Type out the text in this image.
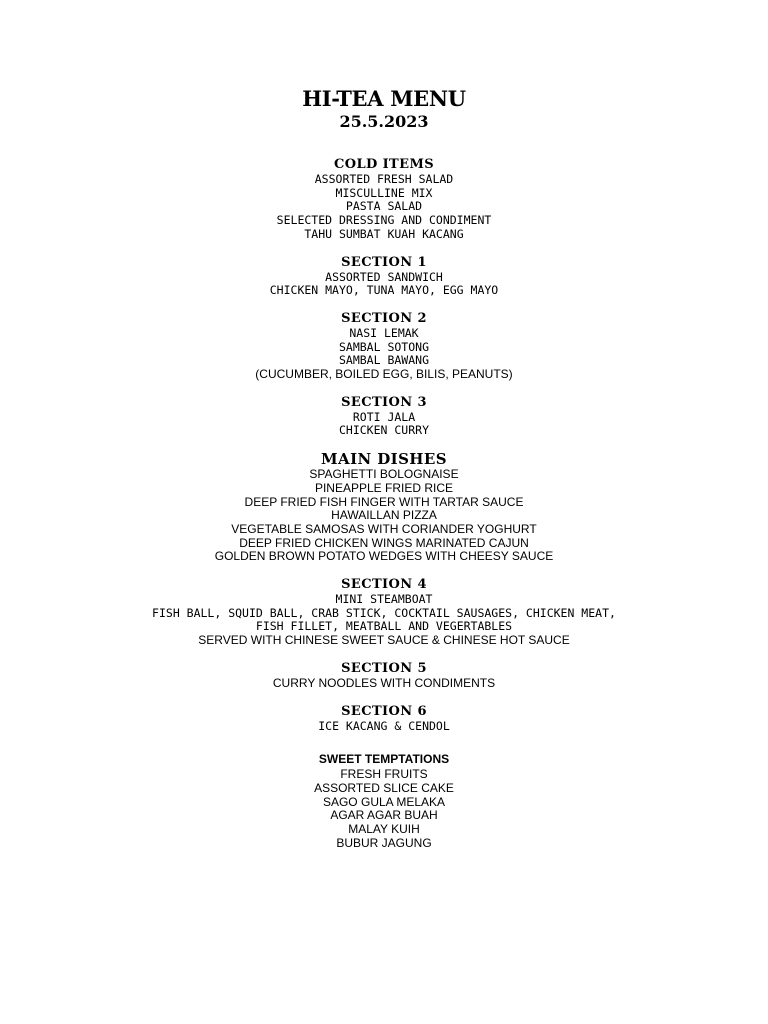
HI-TEA MENU
25.5.2023
COLD ITEMS
ASSORTED FRESH SALAD
MISCULLINE MIX
PASTA SALAD
SELECTED DRESSING AND CONDIMENT
TAHU SUMBAT KUAH KACANG
SECTION 1
ASSORTED SANDWICH
CHICKEN MAYO, TUNA MAYO, EGG MAYO
SECTION 2
NASI LEMAK
SAMBAL SOTONG
SAMBAL BAWANG
(CUCUMBER, BOILED EGG, BILIS, PEANUTS)
SECTION 3
ROTI JALA
CHICKEN CURRY
MAIN DISHES
SPAGHETTI BOLOGNAISE
PINEAPPLE FRIED RICE
DEEP FRIED FISH FINGER WITH TARTAR SAUCE
HAWAILLAN PIZZA
VEGETABLE SAMOSAS WITH CORIANDER YOGHURT
DEEP FRIED CHICKEN WINGS MARINATED CAJUN
GOLDEN BROWN POTATO WEDGES WITH CHEESY SAUCE
SECTION 4
MINI STEAMBOAT
FISH BALL, SQUID BALL, CRAB STICK, COCKTAIL SAUSAGES, CHICKEN MEAT,
FISH FILLET, MEATBALL AND VEGERTABLES
SERVED WITH CHINESE SWEET SAUCE & CHINESE HOT SAUCE
SECTION 5
CURRY NOODLES WITH CONDIMENTS
SECTION 6
ICE KACANG & CENDOL
SWEET TEMPTATIONS
FRESH FRUITS
ASSORTED SLICE CAKE
SAGO GULA MELAKA
AGAR AGAR BUAH
MALAY KUIH
BUBUR JAGUNG
